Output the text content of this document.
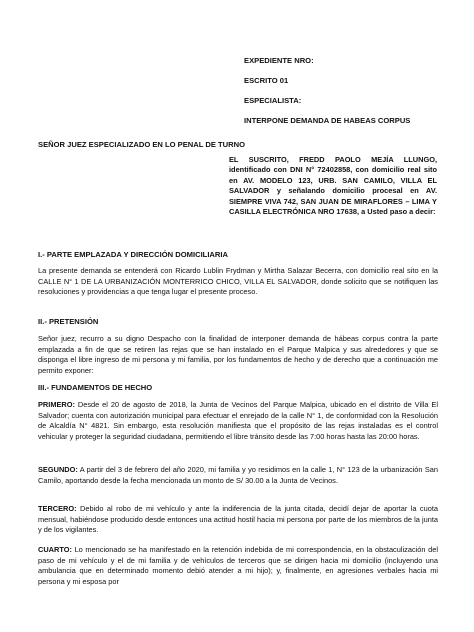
EXPEDIENTE NRO:
ESCRITO 01
ESPECIALISTA:
INTERPONE DEMANDA DE HABEAS CORPUS
SEÑOR JUEZ ESPECIALIZADO EN LO PENAL DE TURNO
EL SUSCRITO, FREDD PAOLO MEJÍA LLUNGO, identificado con DNI N° 72402858, con domicilio real sito en AV. MODELO 123, URB. SAN CAMILO, VILLA EL SALVADOR y señalando domicilio procesal en AV. SIEMPRE VIVA 742, SAN JUAN DE MIRAFLORES – LIMA Y CASILLA ELECTRÓNICA NRO 17638, a Usted paso a decir:
I.- PARTE EMPLAZADA Y DIRECCIÓN DOMICILIARIA
La presente demanda se entenderá con Ricardo Lublin Frydman y Mirtha Salazar Becerra, con domicilio real sito en la CALLE N° 1 DE LA URBANIZACIÓN MONTERRICO CHICO, VILLA EL SALVADOR, donde solicito que se notifiquen las resoluciones y providencias a que tenga lugar el presente proceso.
II.- PRETENSIÓN
Señor juez, recurro a su digno Despacho con la finalidad de interponer demanda de hábeas corpus contra la parte emplazada a fin de que se retiren las rejas que se han instalado en el Parque Malpica y sus alrededores y que se disponga el libre ingreso de mi persona y mi familia, por los fundamentos de hecho y de derecho que a continuación me permito exponer:
III.- FUNDAMENTOS DE HECHO
PRIMERO: Desde el 20 de agosto de 2018, la Junta de Vecinos del Parque Malpica, ubicado en el distrito de Villa El Salvador; cuenta con autorización municipal para efectuar el enrejado de la calle N° 1, de conformidad con la Resolución de Alcaldía N° 4821. Sin embargo, esta resolución manifiesta que el propósito de las rejas instaladas es el control vehicular y proteger la seguridad ciudadana, permitiendo el libre tránsito desde las 7:00 horas hasta las 20:00 horas.
SEGUNDO: A partir del 3 de febrero del año 2020, mi familia y yo residimos en la calle 1, N° 123 de la urbanización San Camilo, aportando desde la fecha mencionada un monto de S/ 30.00 a la Junta de Vecinos.
TERCERO: Debido al robo de mi vehículo y ante la indiferencia de la junta citada, decidí dejar de aportar la cuota mensual, habiéndose producido desde entonces una actitud hostil hacia mi persona por parte de los miembros de la junta y de los vigilantes.
CUARTO: Lo mencionado se ha manifestado en la retención indebida de mi correspondencia, en la obstaculización del paso de mi vehículo y el de mi familia y de vehículos de terceros que se dirigen hacia mi domicilio (incluyendo una ambulancia que en determinado momento debió atender a mi hijo); y, finalmente, en agresiones verbales hacia mi persona y mi esposa por
